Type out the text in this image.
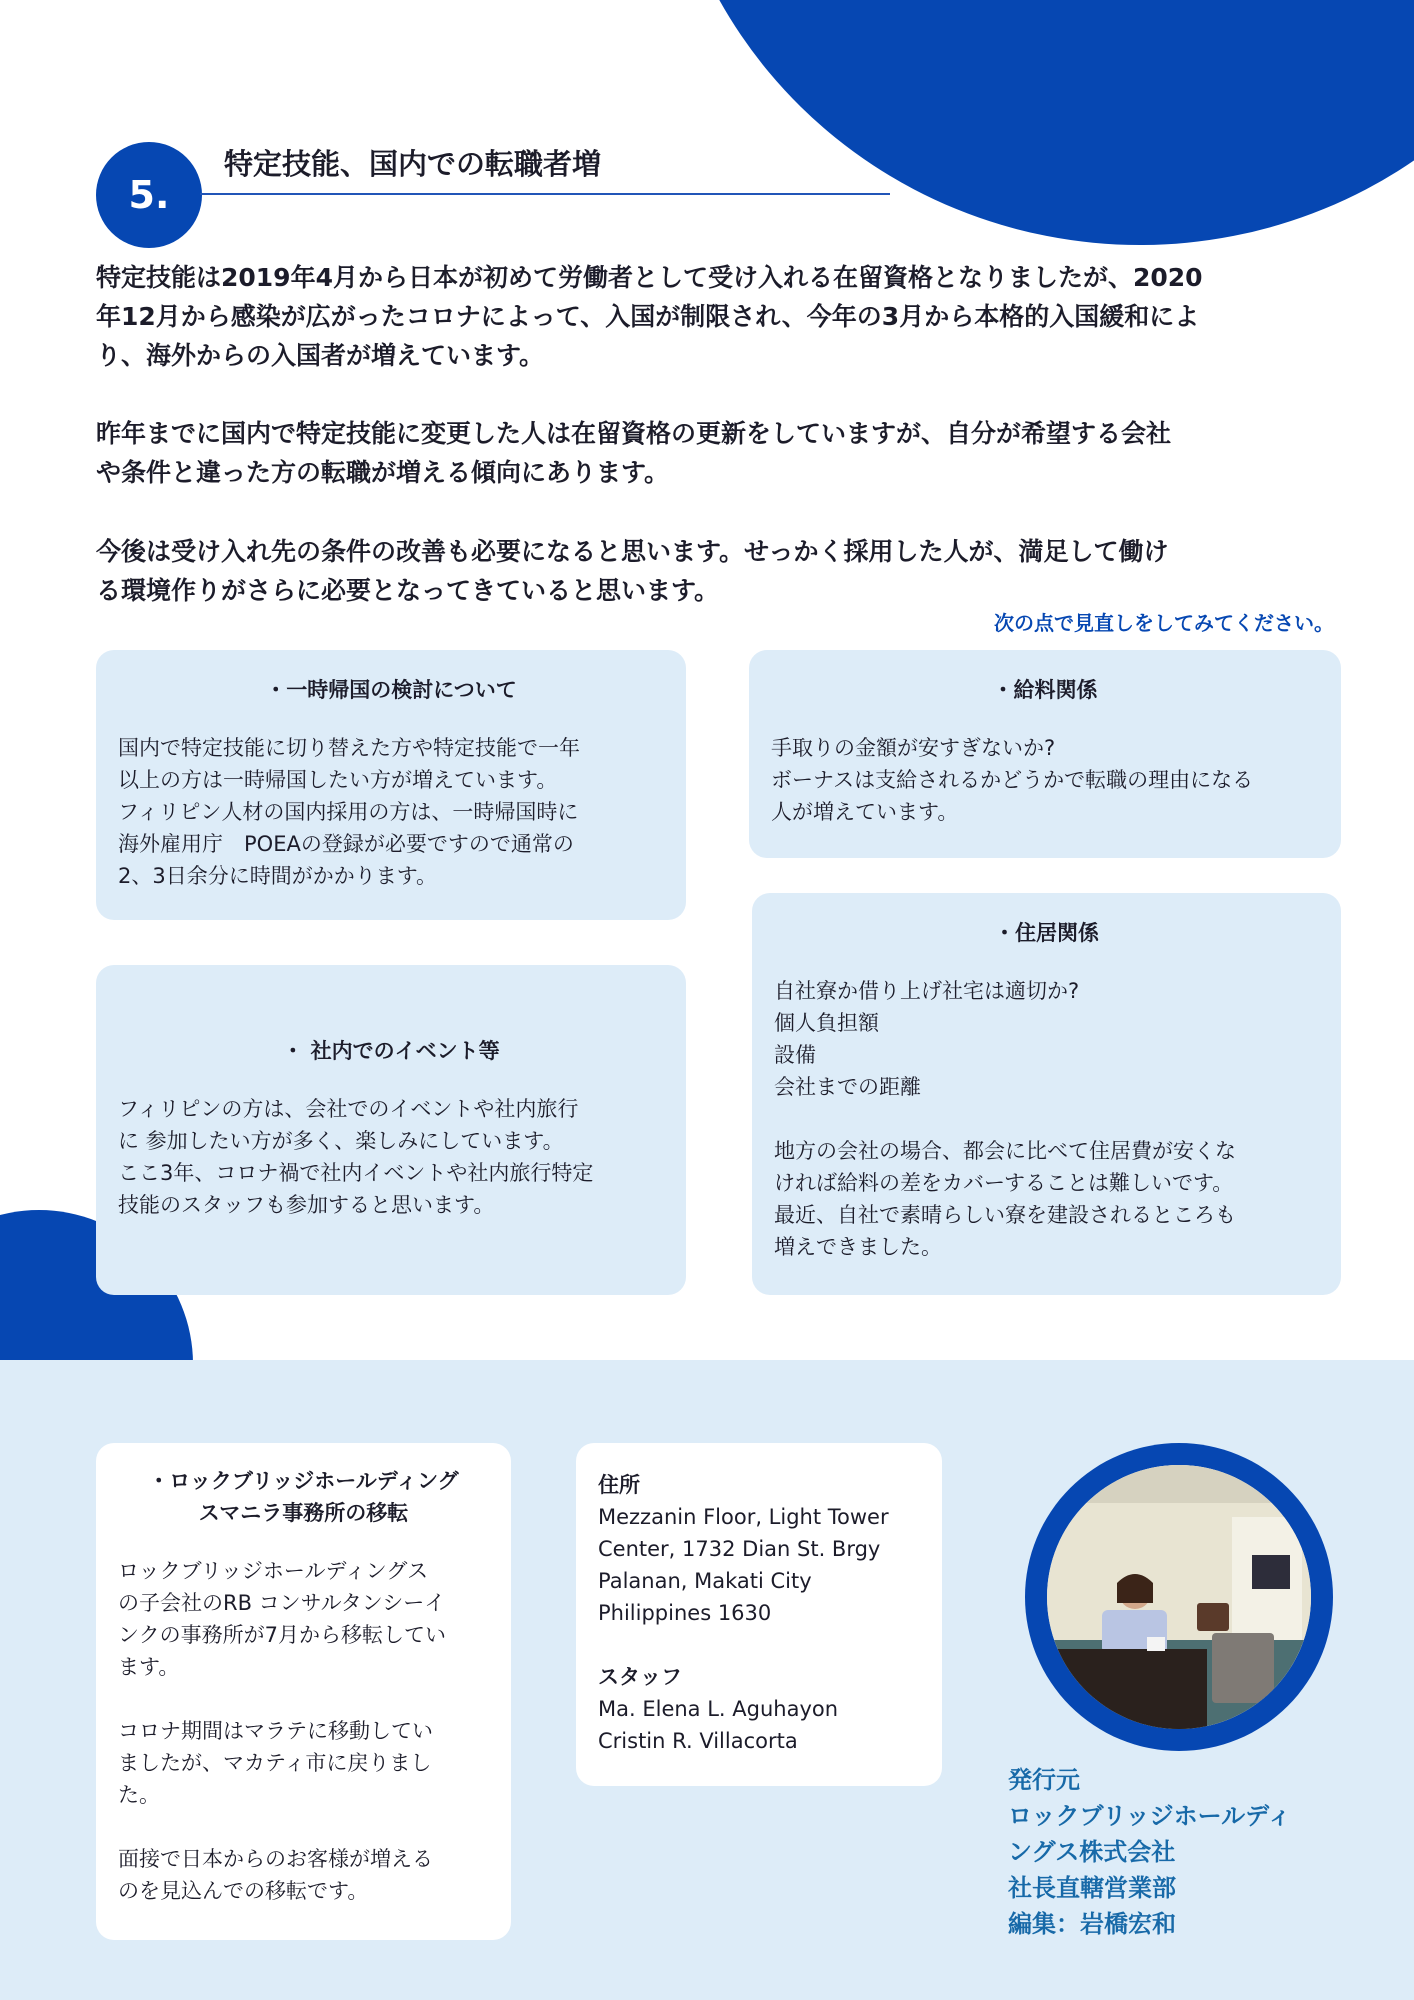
5.
特定技能、国内での転職者増
特定技能は2019年4月から日本が初めて労働者として受け入れる在留資格となりましたが、2020
年12月から感染が広がったコロナによって、入国が制限され、今年の3月から本格的入国緩和によ
り、海外からの入国者が増えています。
昨年までに国内で特定技能に変更した人は在留資格の更新をしていますが、自分が希望する会社
や条件と違った方の転職が増える傾向にあります。
今後は受け入れ先の条件の改善も必要になると思います。せっかく採用した人が、満足して働け
る環境作りがさらに必要となってきていると思います。
次の点で見直しをしてみてください。
・一時帰国の検討について
国内で特定技能に切り替えた方や特定技能で一年
以上の方は一時帰国したい方が増えています。
フィリピン人材の国内採用の方は、一時帰国時に
海外雇用庁　POEAの登録が必要ですので通常の
2、3日余分に時間がかかります。
・給料関係
手取りの金額が安すぎないか?
ボーナスは支給されるかどうかで転職の理由になる
人が増えています。
・ 社内でのイベント等
フィリピンの方は、会社でのイベントや社内旅行
に 参加したい方が多く、楽しみにしています。
ここ3年、コロナ禍で社内イベントや社内旅行特定
技能のスタッフも参加すると思います。
・住居関係
自社寮か借り上げ社宅は適切か?
個人負担額
設備
会社までの距離

地方の会社の場合、都会に比べて住居費が安くな
ければ給料の差をカバーすることは難しいです。
最近、自社で素晴らしい寮を建設されるところも
増えできました。
・ロックブリッジホールディング
スマニラ事務所の移転
ロックブリッジホールディングス
の子会社のRB コンサルタンシーイ
ンクの事務所が7月から移転してい
ます。

コロナ期間はマラテに移動してい
ましたが、マカティ市に戻りまし
た。

面接で日本からのお客様が増える
のを見込んでの移転です。
住所
Mezzanin Floor, Light Tower
Center, 1732 Dian St. Brgy
Palanan, Makati City
Philippines 1630
スタッフ
Ma. Elena L. Aguhayon
Cristin R. Villacorta
発行元
ロックブリッジホールディ
ングス株式会社
社長直轄営業部
編集：岩橋宏和
